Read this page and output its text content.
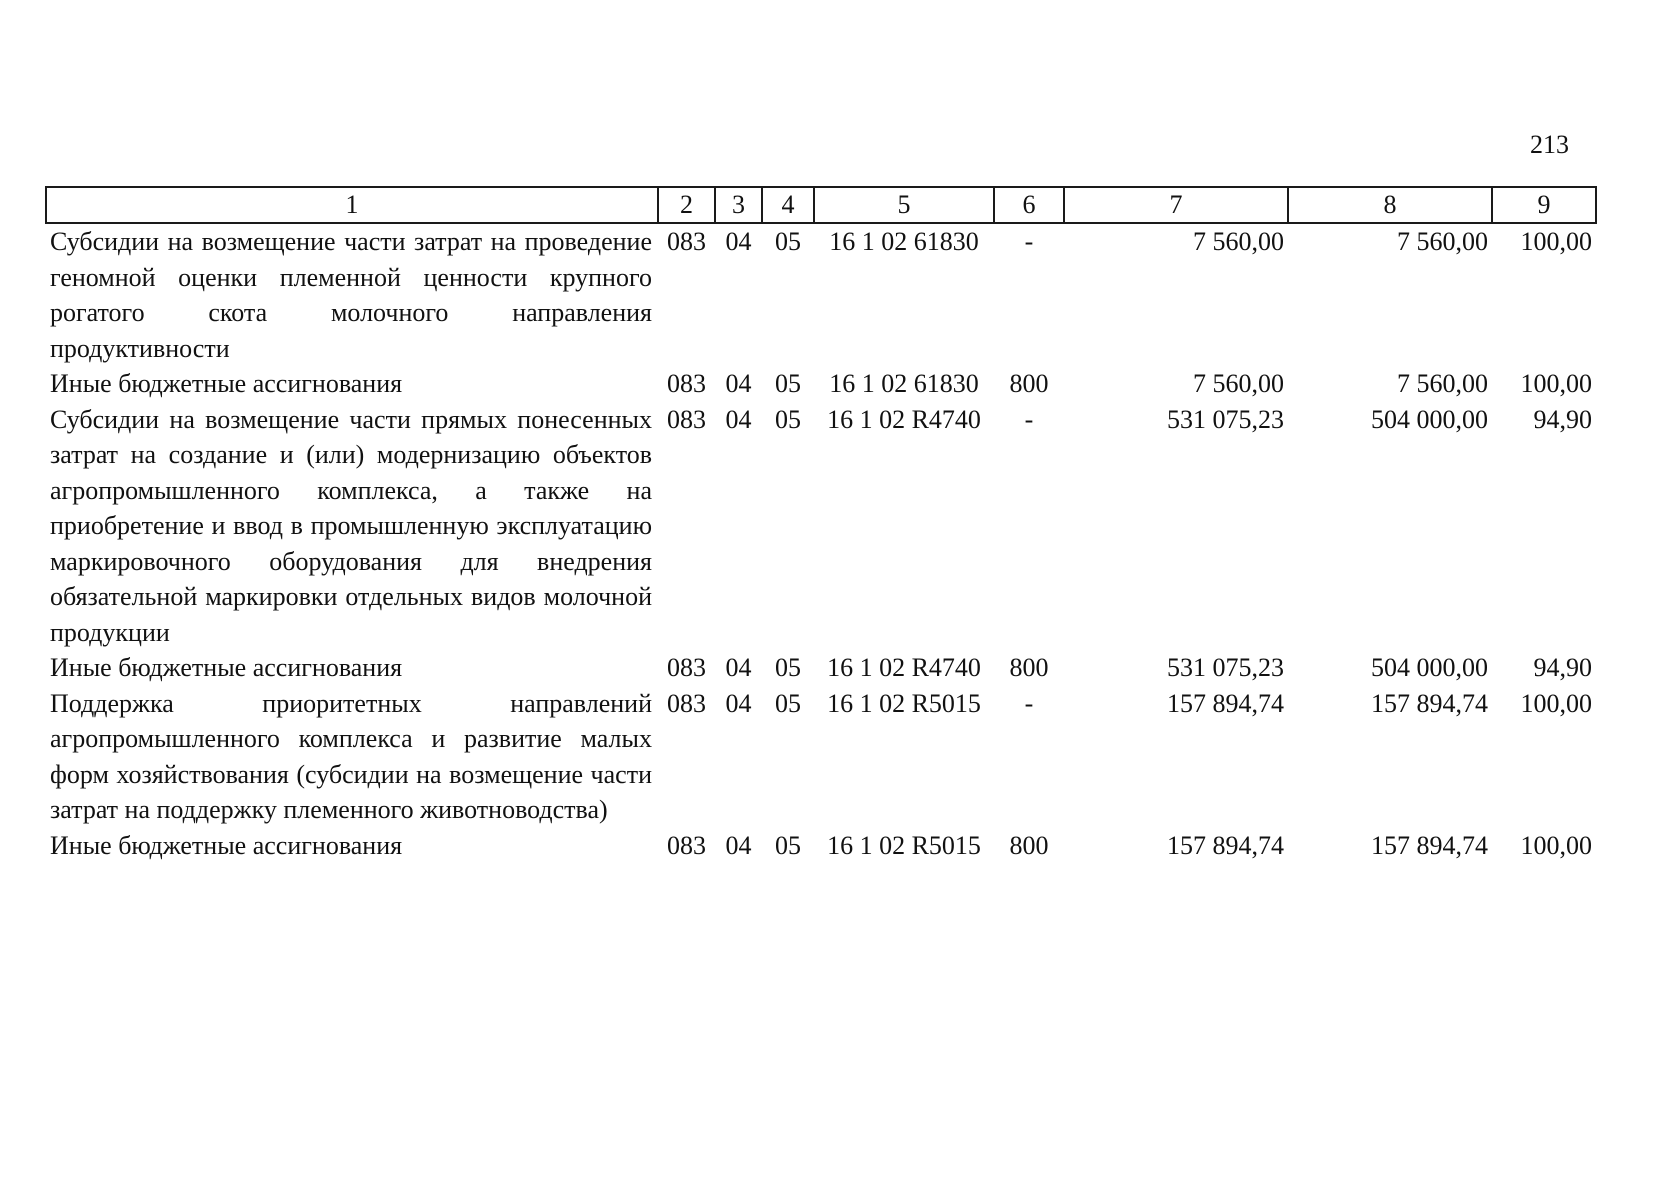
213
1	2	3	4	5	6	7	8	9
Субсидии на возмещение части затрат на проведение геномной оценки племенной ценности крупного рогатого скота молочного направления продуктивности	083	04	05	16 1 02 61830	-	7 560,00	7 560,00	100,00
Иные бюджетные ассигнования	083	04	05	16 1 02 61830	800	7 560,00	7 560,00	100,00
Субсидии на возмещение части прямых понесенных затрат на создание и (или) модернизацию объектов агропромышленного комплекса, а также на приобретение и ввод в промышленную эксплуатацию маркировочного оборудования для внедрения обязательной маркировки отдельных видов молочной продукции	083	04	05	16 1 02 R4740	-	531 075,23	504 000,00	94,90
Иные бюджетные ассигнования	083	04	05	16 1 02 R4740	800	531 075,23	504 000,00	94,90
Поддержка приоритетных направлений агропромышленного комплекса и развитие малых форм хозяйствования (субсидии на возмещение части затрат на поддержку племенного животноводства)	083	04	05	16 1 02 R5015	-	157 894,74	157 894,74	100,00
Иные бюджетные ассигнования	083	04	05	16 1 02 R5015	800	157 894,74	157 894,74	100,00
